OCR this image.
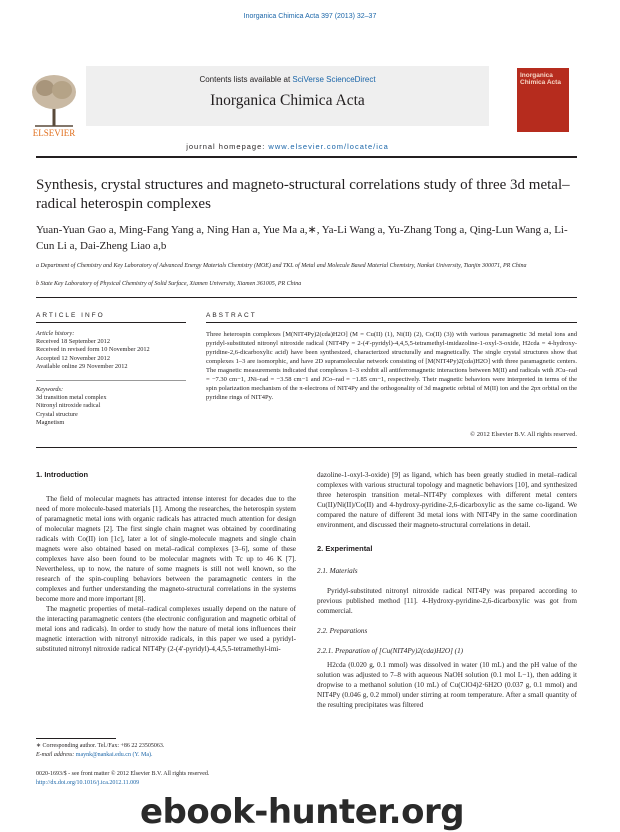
Inorganica Chimica Acta 397 (2013) 32–37
ELSEVIER
Contents lists available at SciVerse ScienceDirect
Inorganica Chimica Acta
journal homepage: www.elsevier.com/locate/ica
Inorganica Chimica Acta
Synthesis, crystal structures and magneto-structural correlations study of three 3d metal–radical heterospin complexes
Yuan-Yuan Gao a, Ming-Fang Yang a, Ning Han a, Yue Ma a,∗, Ya-Li Wang a, Yu-Zhang Tong a, Qing-Lun Wang a, Li-Cun Li a, Dai-Zheng Liao a,b
a Department of Chemistry and Key Laboratory of Advanced Energy Materials Chemistry (MOE) and TKL of Metal and Molecule Based Material Chemistry, Nankai University, Tianjin 300071, PR China
b State Key Laboratory of Physical Chemistry of Solid Surface, Xiamen University, Xiamen 361005, PR China
ARTICLE INFO	ABSTRACT
Article history:
Received 18 September 2012
Received in revised form 10 November 2012
Accepted 12 November 2012
Available online 29 November 2012
Keywords:
3d transition metal complex
Nitronyl nitroxide radical
Crystal structure
Magnetism
Three heterospin complexes [M(NIT4Py)2(cda)H2O] (M = Cu(II) (1), Ni(II) (2), Co(II) (3)) with various paramagnetic 3d metal ions and pyridyl-substituted nitronyl nitroxide radical (NIT4Py = 2-(4′-pyridyl)-4,4,5,5-tetramethyl-imidazoline-1-oxyl-3-oxide, H2cda = 4-hydroxy-pyridine-2,6-dicarboxylic acid) have been synthesized, characterized structurally and magnetically. The single crystal structures show that complexes 1–3 are isomorphic, and have 2D supramolecular network consisting of [M(NIT4Py)2(cda)H2O] with three paramagnetic centers. The magnetic measurements indicated that complexes 1–3 exhibit all antiferromagnetic interactions between M(II) and radicals with JCu–rad = −7.30 cm−1, JNi–rad = −3.58 cm−1 and JCo–rad = −1.85 cm−1, respectively. Their magnetic behaviors were interpreted in terms of the spin polarization mechanism of the π-electrons of NIT4Py and the orthogonality of 3d magnetic orbital of M(II) ion and the 2pπ orbital on the pyridine rings of NIT4Py.
© 2012 Elsevier B.V. All rights reserved.
1. Introduction

The field of molecular magnets has attracted intense interest for decades due to the need of more molecule-based materials [1]. Among the researches, the heterospin system of paramagnetic metal ions with organic radicals has attracted much attention for design of molecular magnets [2]. The first single chain magnet was obtained by coordinating radicals with Co(II) ion [1c], later a lot of single-molecule magnets and single chain magnets were also obtained based on metal–radical complexes [3–6], some of these complexes have also been found to be molecular magnets with Tc up to 46 K [7]. Nevertheless, up to now, the nature of some magnets is still not well known, so the research of the spin-coupling behaviors between the paramagnetic centers in the complexes and further understanding the magneto-structural correlations in the systems become more and more important [8].

The magnetic properties of metal–radical complexes usually depend on the nature of the interacting paramagnetic centers (the electronic configuration and magnetic orbital of metal ions and radicals). In order to study how the nature of metal ions influences their magnetic interaction with nitronyl nitroxide radicals, in this paper we used a pyridyl-substituted nitronyl nitroxide radical NIT4Py (2-(4′-pyridyl)-4,4,5,5-tetramethyl-imi-

dazoline-1-oxyl-3-oxide) [9] as ligand, which has been greatly studied in metal–radical complexes with various structural topology and magnetic behaviors [10], and synthesized three heterospin transition metal–NIT4Py complexes with different metal centers Cu(II)/Ni(II)/Co(II) and 4-hydroxy-pyridine-2,6-dicarboxylic as the same co-ligand. We compared the nature of different 3d metal ions with NIT4Py in the same coordination environment, and discussed their magneto-structural correlations in detail.

2. Experimental
2.1. Materials

Pyridyl-substituted nitronyl nitroxide radical NIT4Py was prepared according to previous published method [11]. 4-Hydroxy-pyridine-2,6-dicarboxylic was got from commercial.

2.2. Preparations
2.2.1. Preparation of [Cu(NIT4Py)2(cda)H2O] (1)

H2cda (0.020 g, 0.1 mmol) was dissolved in water (10 mL) and the pH value of the solution was adjusted to 7–8 with aqueous NaOH solution (0.1 mol L−1), then adding it dropwise to a methanol solution (10 mL) of Cu(ClO4)2·6H2O (0.037 g, 0.1 mmol) and NIT4Py (0.046 g, 0.2 mmol) under stirring at room temperature. After a small quantity of the resulting precipitates was filtered

∗ Corresponding author. Tel./Fax: +86 22 23505063.
E-mail address: maynk@nankai.edu.cn (Y. Ma).
0020-1693/$ - see front matter © 2012 Elsevier B.V. All rights reserved.
http://dx.doi.org/10.1016/j.ica.2012.11.009
ebook-hunter.org
